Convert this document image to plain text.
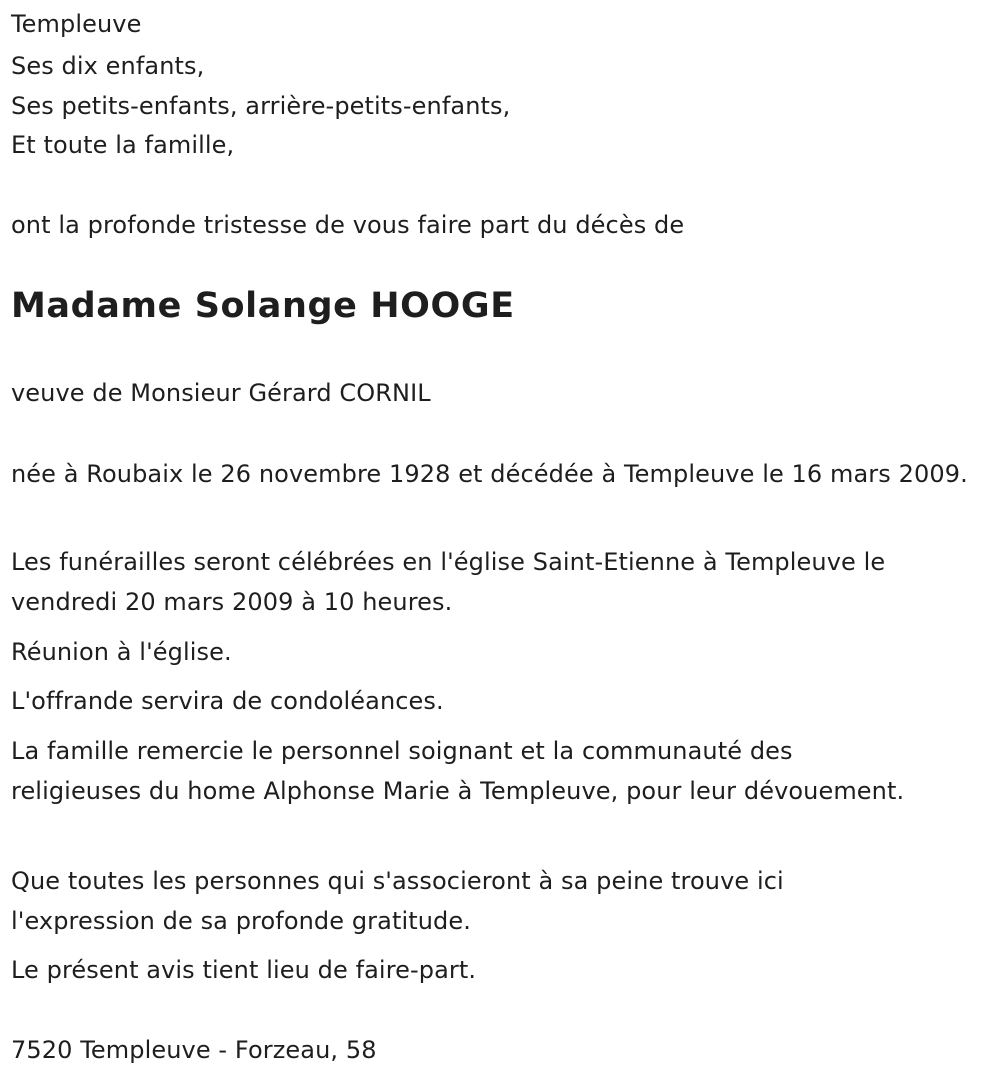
Templeuve

Ses dix enfants,

Ses petits-enfants, arrière-petits-enfants,

Et toute la famille,

ont la profonde tristesse de vous faire part du décès de

Madame Solange HOOGE

veuve de Monsieur Gérard CORNIL

née à Roubaix le 26 novembre 1928 et décédée à Templeuve le 16 mars 2009.

Les funérailles seront célébrées en l'église Saint-Etienne à Templeuve le vendredi 20 mars 2009 à 10 heures.

Réunion à l'église.

L'offrande servira de condoléances.

La famille remercie le personnel soignant et la communauté des religieuses du home Alphonse Marie à Templeuve, pour leur dévouement.

Que toutes les personnes qui s'associeront à sa peine trouve ici l'expression de sa profonde gratitude.

Le présent avis tient lieu de faire-part.

7520 Templeuve - Forzeau, 58
